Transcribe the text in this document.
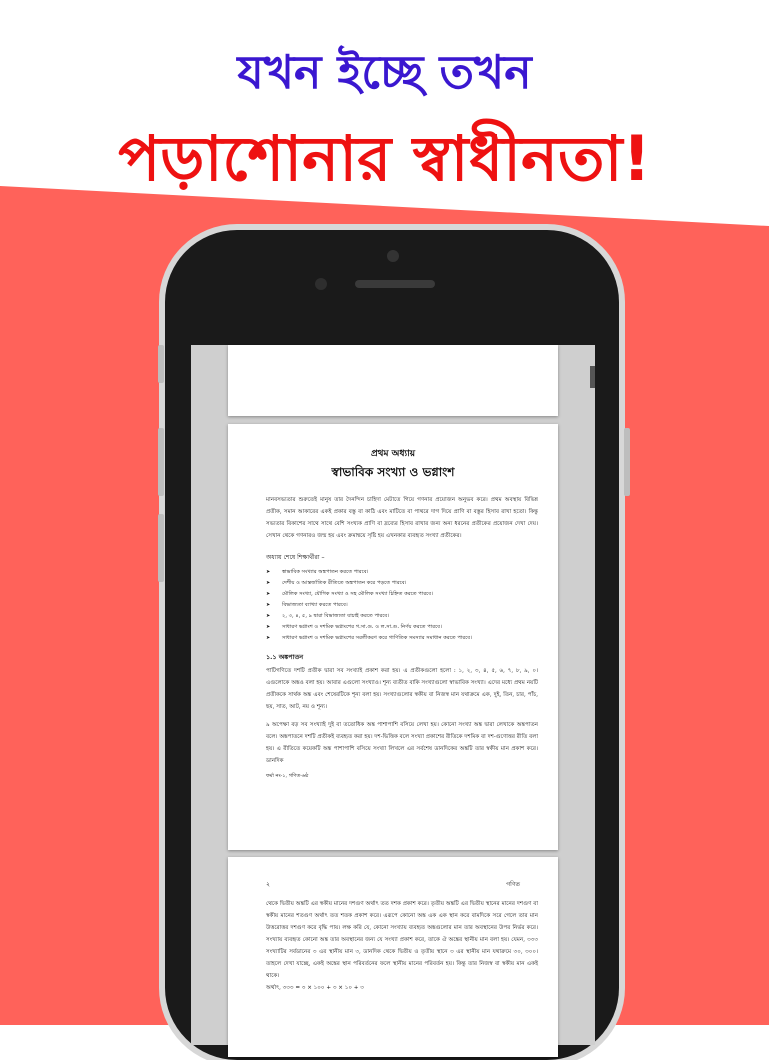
যখন ইচ্ছে তখন
পড়াশোনার স্বাধীনতা!
প্রথম অধ্যায়
স্বাভাবিক সংখ্যা ও ভগ্নাংশ

মানবসভ্যতার শুরুতেই মানুষ তার দৈনন্দিন চাহিদা মেটাতে গিয়ে গণনার প্রয়োজন অনুভব করে। প্রথম অবস্থায় বিভিন্ন প্রতীক, সমান আকারের একই প্রকার বস্তু বা কাঠি এবং মাটিতে বা পাথরে দাগ দিয়ে প্রাণি বা বস্তুর হিসাব রাখা হতো। কিন্তু সভ্যতার বিকাশের সাথে সাথে বেশি সংখ্যক প্রাণি বা দ্রব্যের হিসাব রাখার জন্য অন্য ধরনের প্রতীকের প্রয়োজন দেখা দেয়। সেখান থেকে গণনারও জন্ম হয় এবং ক্রমান্বয়ে সৃষ্টি হয় এখনকার ব্যবহৃত সংখ্যা প্রতীকের।

অধ্যায় শেষে শিক্ষার্থীরা –
➤	স্বাভাবিক সংখ্যার অঙ্কপাতন করতে পারবে।
➤	দেশীয় ও আন্তর্জাতিক রীতিতে অঙ্কপাতন করে পড়তে পারবে।
➤	মৌলিক সংখ্যা, যৌগিক সংখ্যা ও সহ মৌলিক সংখ্যা চিহ্নিত করতে পারবে।
➤	বিভাজ্যতা ব্যাখ্যা করতে পারবে।
➤	২, ৩, ৪, ৫, ৯ দ্বারা বিভাজ্যতা যাচাই করতে পারবে।
➤	সাধারণ ভগ্নাংশ ও দশমিক ভগ্নাংশের গ.সা.গু. ও ল.সা.গু. নির্ণয় করতে পারবে।
➤	সাধারণ ভগ্নাংশ ও দশমিক ভগ্নাংশের সরলীকরণ করে গাণিতিক সমস্যার সমাধান করতে পারবে।
১.১ অঙ্কপাতন

পাটিগণিতে দশটি প্রতীক দ্বারা সব সংখ্যাই প্রকাশ করা হয়। এ প্রতীকগুলো হলো : ১, ২, ৩, ৪, ৫, ৬, ৭, ৮, ৯, ০। এগুলোকে অঙ্কও বলা হয়। আবার এগুলো সংখ্যাও। শূন্য ব্যতীত বাকি সংখ্যাগুলো স্বাভাবিক সংখ্যা। এদের মধ্যে প্রথম নয়টি প্রতীককে সার্থক অঙ্ক এবং শেষেরটিকে শূন্য বলা হয়। সংখ্যাগুলোর স্বকীয় বা নিজস্ব মান যথাক্রমে এক, দুই, তিন, চার, পাঁচ, ছয়, সাত, আট, নয় ও শূন্য।

৯ অপেক্ষা বড় সব সংখ্যাই দুই বা ততোধিক অঙ্ক পাশাপাশি বসিয়ে লেখা হয়। কোনো সংখ্যা অঙ্ক দ্বারা লেখাকে অঙ্কপাতন বলে। অঙ্কপাতনে দশটি প্রতীকই ব্যবহৃত করা হয়। দশ-ভিত্তিক বলে সংখ্যা প্রকাশের রীতিকে দশমিক বা দশ-গুণোত্তর রীতি বলা হয়। এ রীতিতে কয়েকটি অঙ্ক পাশাপাশি বসিয়ে সংখ্যা লিখলে এর সর্বশেষ ডানদিকের অঙ্কটি তার স্বকীয় মান প্রকাশ করে। ডানদিক

ফর্মা নং-১, গণিত-৬ষ্ঠ
২	গণিত

থেকে দ্বিতীয় অঙ্কটি এর স্বকীয় মানের দশগুণ অর্থাৎ তত দশক প্রকাশ করে। তৃতীয় অঙ্কটি এর দ্বিতীয় স্থানের মানের দশগুণ বা স্বকীয় মানের শতগুণ অর্থাৎ তত শতক প্রকাশ করে। এরূপে কোনো অঙ্ক এক এক স্থান করে বামদিকে সরে গেলে তার মান উত্তরোত্তর দশগুণ করে বৃদ্ধি পায়। লক্ষ করি যে, কোনো সংখ্যায় ব্যবহৃত অঙ্কগুলোর মান তার অবস্থানের উপর নির্ভর করে। সংখ্যায় ব্যবহৃত কোনো অঙ্ক তার অবস্থানের জন্য যে সংখ্যা প্রকাশ করে, তাকে ঐ অঙ্কের স্থানীয় মান বলা হয়। যেমন, ৩৩৩ সংখ্যাটির সর্বডানের ৩ এর স্থানীয় মান ৩, ডানদিক থেকে দ্বিতীয় ও তৃতীয় স্থানে ৩ এর স্থানীয় মান যথাক্রমে ৩০, ৩০০। তাহলে দেখা যাচ্ছে, একই অঙ্কের স্থান পরিবর্তনের ফলে স্থানীয় মানের পরিবর্তন হয়। কিন্তু তার নিজস্ব বা স্বকীয় মান একই থাকে।

অর্থাৎ, ৩৩৩ = ৩ × ১০০ + ৩ × ১০ + ৩
